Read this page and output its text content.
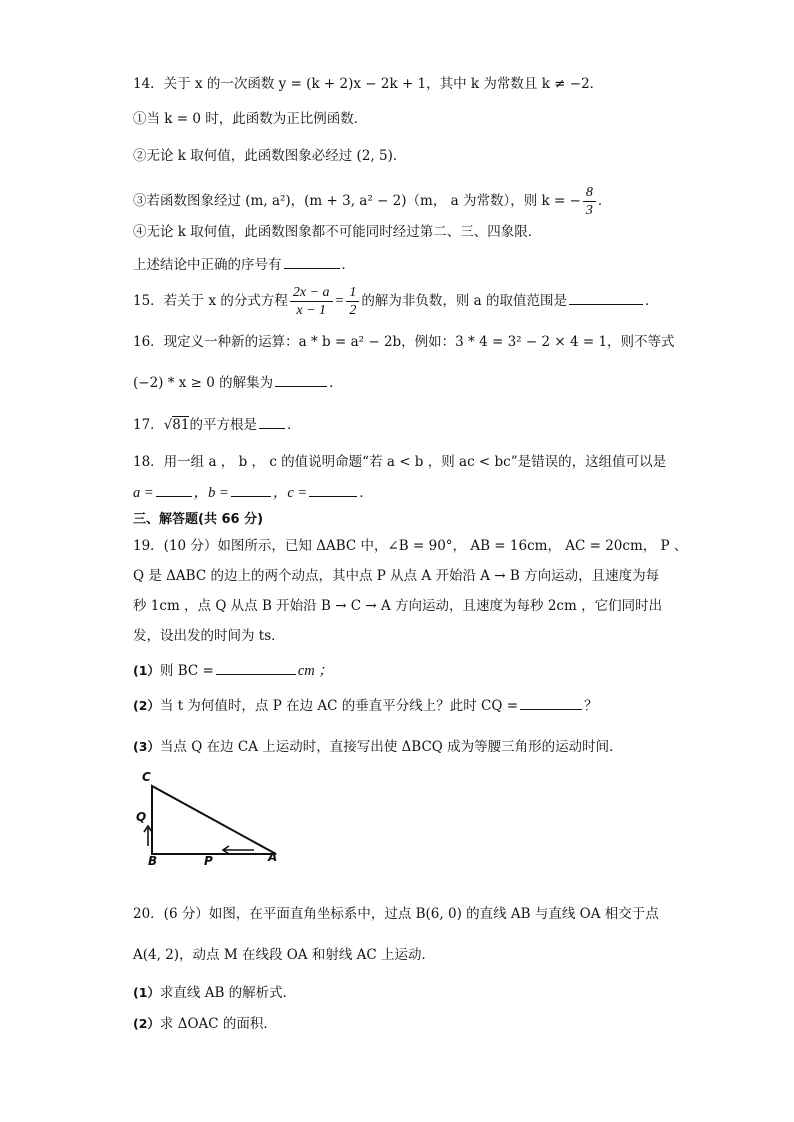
14．关于 x 的一次函数 y = (k + 2)x − 2k + 1，其中 k 为常数且 k ≠ −2．
①当 k = 0 时，此函数为正比例函数．
②无论 k 取何值，此函数图象必经过 (2, 5)．
③若函数图象经过 (m, a²)，(m + 3, a² − 2)（m， a 为常数），则 k = − $\frac{8}{3}$ ．
④无论 k 取何值，此函数图象都不可能同时经过第二、三、四象限．
上述结论中正确的序号有	．
15．若关于 x 的分式方程 $\frac{2x - a}{x - 1} = \frac{1}{2}$ 的解为非负数，则 a 的取值范围是	．
16．现定义一种新的运算：a * b = a² − 2b，例如：3 * 4 = 3² − 2 × 4 = 1，则不等式
(−2) * x ≥ 0 的解集为	．
17．√81的平方根是 ．
18．用一组 a ， b ， c 的值说明命题“若 a < b ，则 ac < bc”是错误的，这组值可以是
a =	，b =	，c =	．
三、解答题(共 66 分)
19．(10 分）如图所示，已知 ΔABC 中，∠B = 90°， AB = 16cm， AC = 20cm， P 、
Q 是 ΔABC 的边上的两个动点，其中点 P 从点 A 开始沿 A → B 方向运动，且速度为每
秒 1cm ，点 Q 从点 B 开始沿 B → C → A 方向运动，且速度为每秒 2cm ，它们同时出
发，设出发的时间为 ts．
(1）则 BC =	cm ；
(2）当 t 为何值时，点 P 在边 AC 的垂直平分线上？此时 CQ =	？
(3）当点 Q 在边 CA 上运动时，直接写出使 ΔBCQ 成为等腰三角形的运动时间．
C
Q
B	P	A
20．(6 分）如图，在平面直角坐标系中，过点 B(6, 0) 的直线 AB 与直线 OA 相交于点
A(4, 2)，动点 M 在线段 OA 和射线 AC 上运动．
(1）求直线 AB 的解析式．
(2）求 ΔOAC 的面积．
